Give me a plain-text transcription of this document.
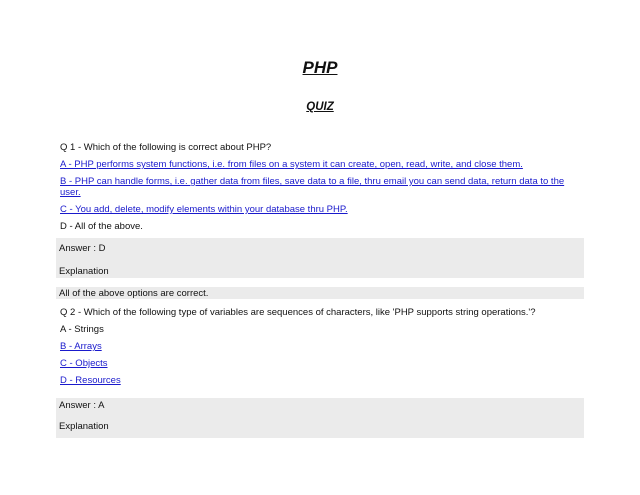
PHP
QUIZ
Q 1 - Which of the following is correct about PHP?
A - PHP performs system functions, i.e. from files on a system it can create, open, read, write, and close them.
B - PHP can handle forms, i.e. gather data from files, save data to a file, thru email you can send data, return data to the user.
C - You add, delete, modify elements within your database thru PHP.
D - All of the above.
Answer : D
Explanation
All of the above options are correct.
Q 2 - Which of the following type of variables are sequences of characters, like 'PHP supports string operations.'?
A - Strings
B - Arrays
C - Objects
D - Resources
Answer : A
Explanation
